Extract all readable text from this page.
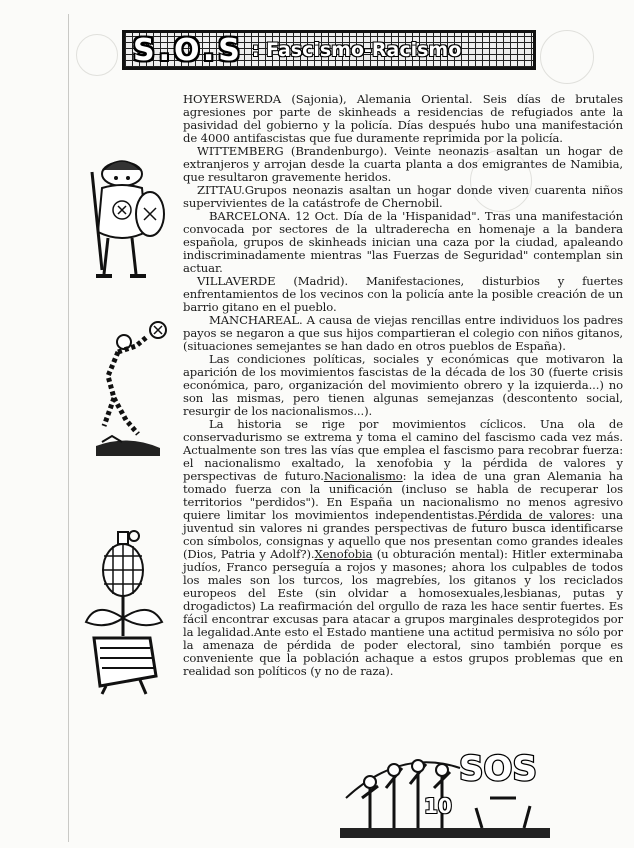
S.O.S : Fascismo-Racismo
SOS

HOYERSWERDA (Sajonia), Alemania Oriental. Seis días de brutales agresiones por parte de skinheads a residencias de refugiados ante la pasividad del gobierno y la policía. Días después hubo una manifestación de 4000 antifascistas que fue duramente reprimida por la policía.

WITTEMBERG (Brandenburgo). Veinte neonazis asaltan un hogar de extranjeros y arrojan desde la cuarta planta a dos emigrantes de Namibia, que resultaron gravemente heridos.

ZITTAU.Grupos neonazis asaltan un hogar donde viven cuarenta niños supervivientes de la catástrofe de Chernobil.

BARCELONA. 12 Oct. Día de la 'Hispanidad". Tras una manifestación convocada por sectores de la ultraderecha en homenaje a la bandera española, grupos de skinheads inician una caza por la ciudad, apaleando indiscriminadamente mientras "las Fuerzas de Seguridad" contemplan sin actuar.

VILLAVERDE (Madrid). Manifestaciones, disturbios y fuertes enfrentamientos de los vecinos con la policía ante la posible creación de un barrio gitano en el pueblo.

MANCHAREAL. A causa de viejas rencillas entre individuos los padres payos se negaron a que sus hijos compartieran el colegio con niños gitanos, (situaciones semejantes se han dado en otros pueblos de España).

Las condiciones políticas, sociales y económicas que motivaron la aparición de los movimientos fascistas de la década de los 30 (fuerte crisis económica, paro, organización del movimiento obrero y la izquierda...) no son las mismas, pero tienen algunas semejanzas (descontento social, resurgir de los nacionalismos...).

La historia se rige por movimientos cíclicos. Una ola de conservadurismo se extrema y toma el camino del fascismo cada vez más. Actualmente son tres las vías que emplea el fascismo para recobrar fuerza: el nacionalismo exaltado, la xenofobia y la pérdida de valores y perspectivas de futuro.Nacionalismo: la idea de una gran Alemania ha tomado fuerza con la unificación (incluso se habla de recuperar los territorios "perdidos"). En España un nacionalismo no menos agresivo quiere limitar los movimientos independentistas.Pérdida de valores: una juventud sin valores ni grandes perspectivas de futuro busca identificarse con símbolos, consignas y aquello que nos presentan como grandes ideales (Dios, Patria y Adolf?).Xenofobia (u obturación mental): Hitler exterminaba judíos, Franco perseguía a rojos y masones; ahora los culpables de todos los males son los turcos, los magrebíes, los gitanos y los reciclados europeos del Este (sin olvidar a homosexuales,lesbianas, putas y drogadictos) La reafirmación del orgullo de raza les hace sentir fuertes. Es fácil encontrar excusas para atacar a grupos marginales desprotegidos por la legalidad.Ante esto el Estado mantiene una actitud permisiva no sólo por la amenaza de pérdida de poder electoral, sino también porque es conveniente que la población achaque a estos grupos problemas que en realidad son políticos (y no de raza).

10
